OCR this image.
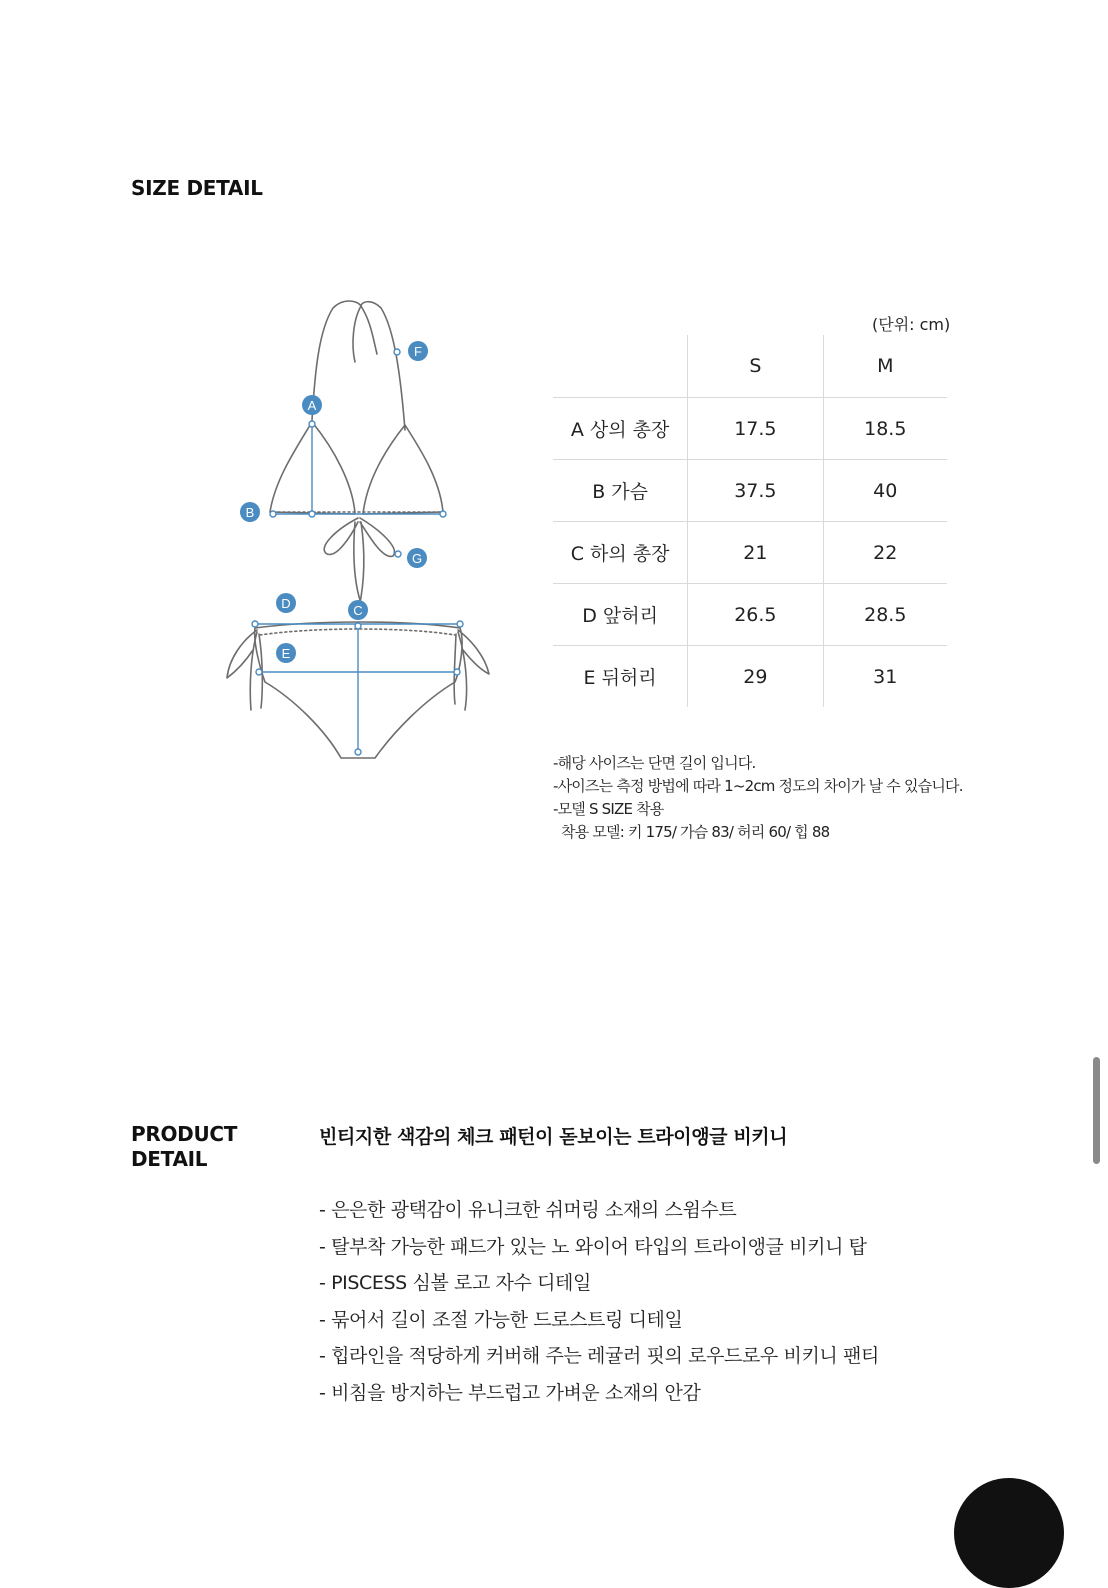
SIZE DETAIL
A
B
C
D
E
F
G
(단위: cm)
	S	M
A 상의 총장	17.5	18.5
B 가슴	37.5	40
C 하의 총장	21	22
D 앞허리	26.5	28.5
E 뒤허리	29	31
-해당 사이즈는 단면 길이 입니다.
-사이즈는 측정 방법에 따라 1~2cm 정도의 차이가 날 수 있습니다.
-모델 S SIZE 착용
착용 모델: 키 175/ 가슴 83/ 허리 60/ 힙 88
PRODUCT
DETAIL
빈티지한 색감의 체크 패턴이 돋보이는 트라이앵글 비키니
- 은은한 광택감이 유니크한 쉬머링 소재의 스윔수트
- 탈부착 가능한 패드가 있는 노 와이어 타입의 트라이앵글 비키니 탑
- PISCESS 심볼 로고 자수 디테일
- 묶어서 길이 조절 가능한 드로스트링 디테일
- 힙라인을 적당하게 커버해 주는 레귤러 핏의 로우드로우 비키니 팬티
- 비침을 방지하는 부드럽고 가벼운 소재의 안감
